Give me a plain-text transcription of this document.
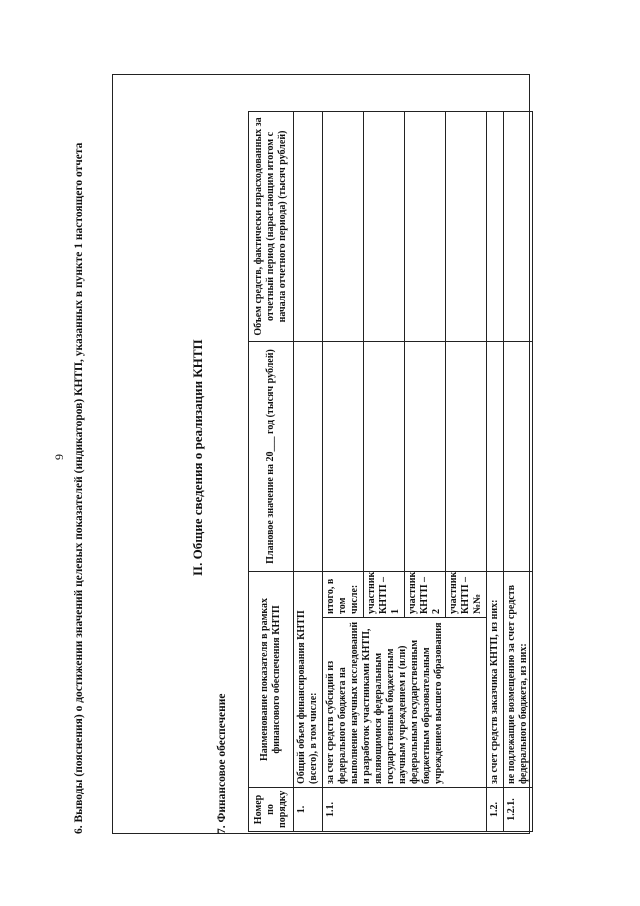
9 6. Выводы (пояснения) о достижении значений целевых показателей (индикаторов) КНТП, указанных в пункте 1 настоящего отчета	7. Финансовое обеспечение
II. Общие сведения о реализации КНТП
Номер по порядку	Наименование показателя в рамках финансового обеспечения КНТП		Плановое значение на 20___ год (тысяч рублей)	Объем средств, фактически израсходованных за отчетный период (нарастающим итогом с начала отчетного периода) (тысяч рублей)
1.	Общий объем финансирования КНТП (всего), в том числе:			
1.1.	за счет средств субсидий из федерального бюджета на выполнение научных исследований и разработок участниками КНТП, являющимися федеральным государственным бюджетным научным учреждением и (или) федеральным государственным бюджетным образовательным учреждением высшего образования	итого, в том числе:		
		участник КНТП – 1		
		участник КНТП – 2		
		участник КНТП – №№		
1.2.	за счет средств заказчика КНТП, из них:			
1.2.1.	не подлежащие возмещению за счет средств федерального бюджета, из них:			
